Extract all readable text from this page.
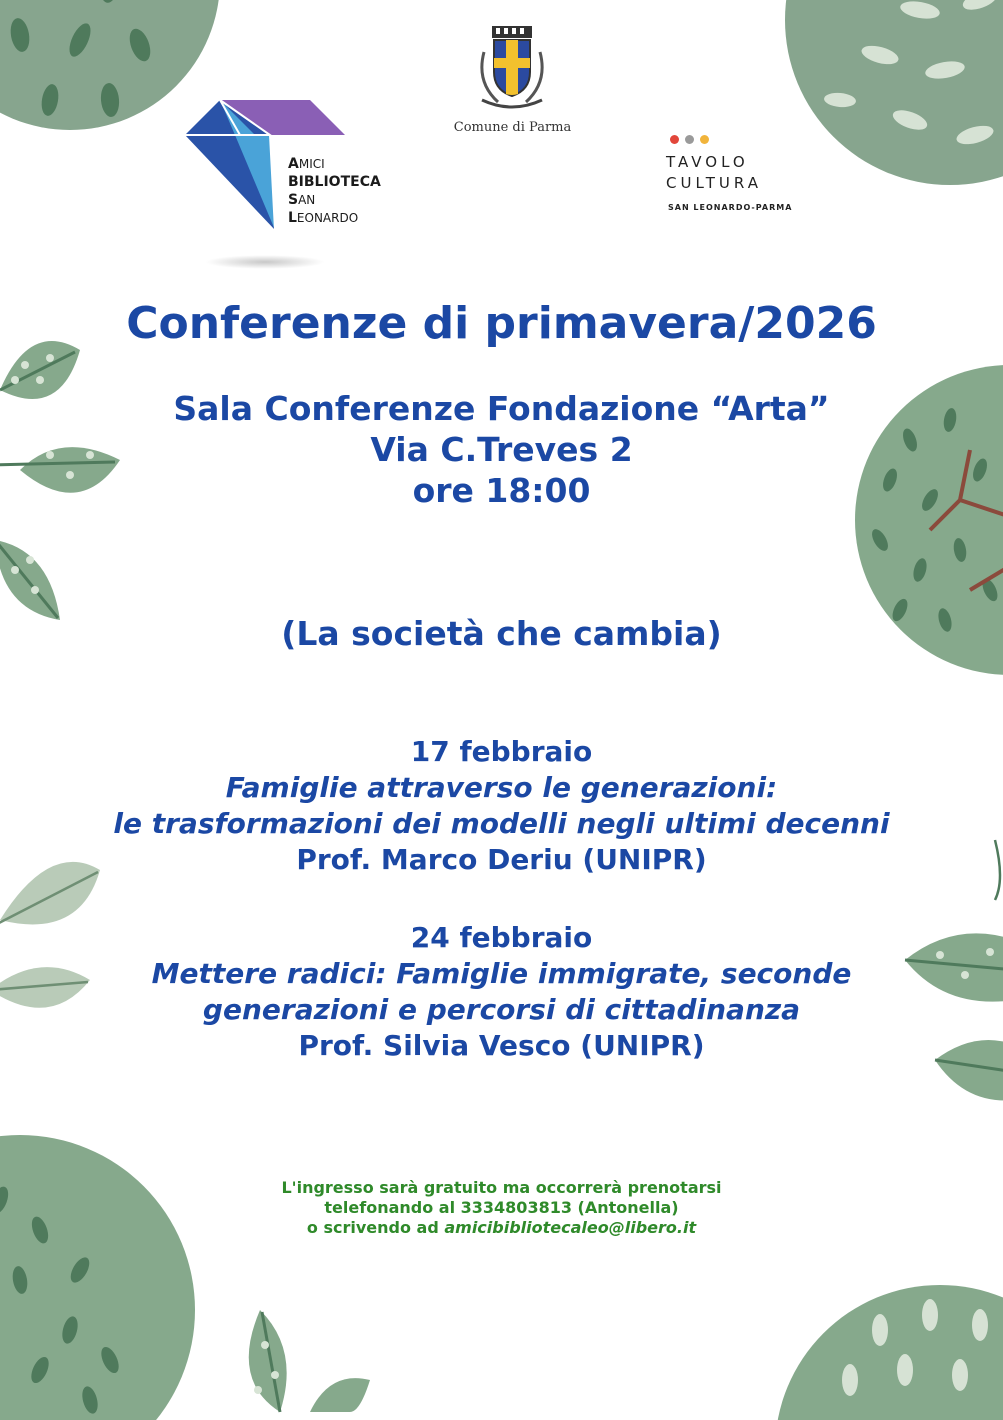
AMICI
BIBLIOTECA
SAN
LEONARDO
Comune di Parma
TAVOLO
CULTURA
SAN LEONARDO-PARMA
Conferenze di primavera/2026
Sala Conferenze Fondazione “Arta”
Via C.Treves 2
ore 18:00
(La società che cambia)
17 febbraio
Famiglie attraverso le generazioni:
le trasformazioni dei modelli negli ultimi decenni
Prof. Marco Deriu (UNIPR)
24 febbraio
Mettere radici: Famiglie immigrate, seconde
generazioni e percorsi di cittadinanza
Prof. Silvia Vesco (UNIPR)
L'ingresso sarà gratuito ma occorrerà prenotarsi
telefonando al 3334803813 (Antonella)
o scrivendo ad amicibibliotecaleo@libero.it
